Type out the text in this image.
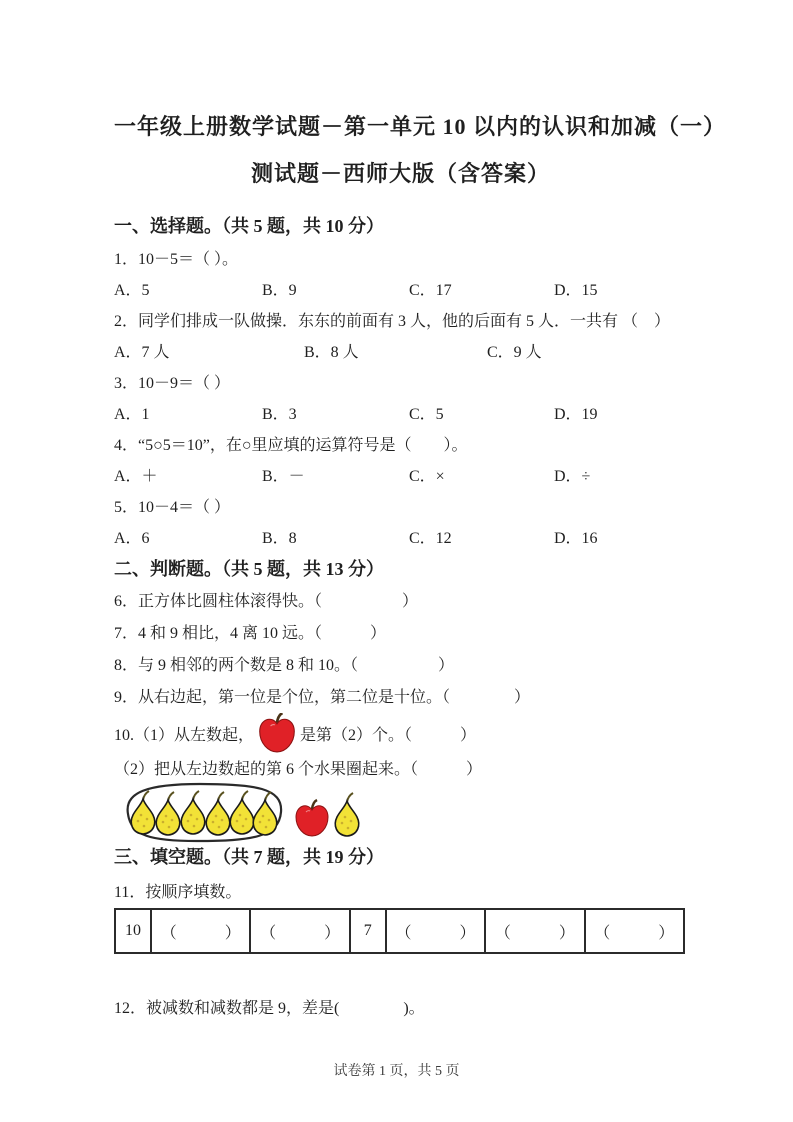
一年级上册数学试题－第一单元 10 以内的认识和加减（一）
测试题－西师大版（含答案）
一、选择题。（共 5 题，共 10 分）
1．10－5＝（ ）。
A．5	B．9	C．17	D．15
2．同学们排成一队做操．东东的前面有 3 人，他的后面有 5 人．一共有 （　）
A．7 人	B．8 人	C．9 人
3．10－9＝（ ）
A．1	B．3	C．5	D．19
4．“5○5＝10”，在○里应填的运算符号是（　　）。
A．＋	B．－	C．×	D．÷
5．10－4＝（ ）
A．6	B．8	C．12	D．16
二、判断题。（共 5 题，共 13 分）
6．正方体比圆柱体滚得快。（　　　　　）
7．4 和 9 相比，4 离 10 远。（　　　）
8．与 9 相邻的两个数是 8 和 10。（　　　　　）
9．从右边起，第一位是个位，第二位是十位。（　　　　）
10.（1）从左数起，	是第（2）个。（　　　）
（2）把从左边数起的第 6 个水果圈起来。（　　　）
三、填空题。（共 7 题，共 19 分）
11．按顺序填数。
10	（　　　）	（　　　）	7	（　　　）	（　　　）	（　　　）
12．被减数和减数都是 9，差是(　　　　)。
试卷第 1 页，共 5 页
